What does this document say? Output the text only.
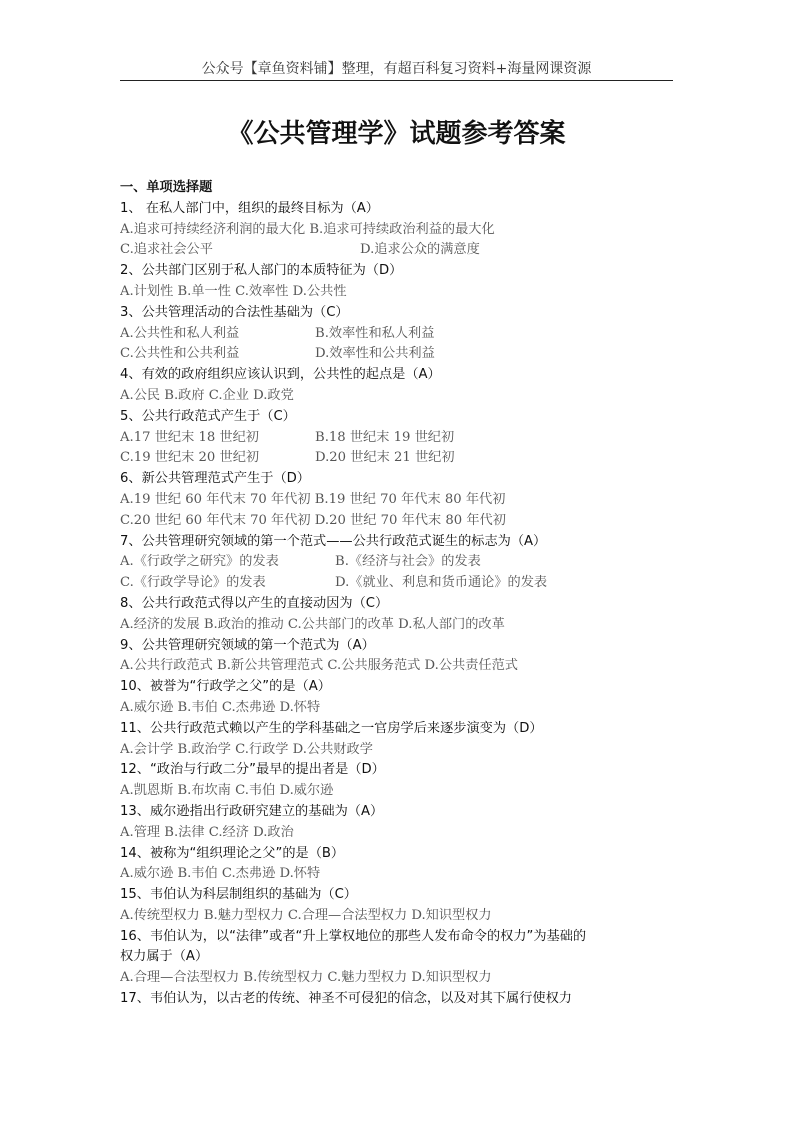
公众号【章鱼资料铺】整理，有超百科复习资料+海量网课资源
《公共管理学》试题参考答案
一、单项选择题
1、 在私人部门中，组织的最终目标为（A）
A.追求可持续经济利润的最大化 B.追求可持续政治利益的最大化
C.追求社会公平	D.追求公众的满意度
2、公共部门区别于私人部门的本质特征为（D）
A.计划性 B.单一性 C.效率性 D.公共性
3、公共管理活动的合法性基础为（C）
A.公共性和私人利益	B.效率性和私人利益
C.公共性和公共利益	D.效率性和公共利益
4、有效的政府组织应该认识到，公共性的起点是（A）
A.公民 B.政府 C.企业 D.政党
5、公共行政范式产生于（C）
A.17 世纪末 18 世纪初	B.18 世纪末 19 世纪初
C.19 世纪末 20 世纪初	D.20 世纪末 21 世纪初
6、新公共管理范式产生于（D）
A.19 世纪 60 年代末 70 年代初 B.19 世纪 70 年代末 80 年代初
C.20 世纪 60 年代末 70 年代初 D.20 世纪 70 年代末 80 年代初
7、公共管理研究领域的第一个范式——公共行政范式诞生的标志为（A）
A.《行政学之研究》的发表	B.《经济与社会》的发表
C.《行政学导论》的发表	D.《就业、利息和货币通论》的发表
8、公共行政范式得以产生的直接动因为（C）
A.经济的发展 B.政治的推动 C.公共部门的改革 D.私人部门的改革
9、公共管理研究领域的第一个范式为（A）
A.公共行政范式 B.新公共管理范式 C.公共服务范式 D.公共责任范式
10、被誉为“行政学之父”的是（A）
A.威尔逊 B.韦伯 C.杰弗逊 D.怀特
11、公共行政范式赖以产生的学科基础之一官房学后来逐步演变为（D）
A.会计学 B.政治学 C.行政学 D.公共财政学
12、“政治与行政二分”最早的提出者是（D）
A.凯恩斯 B.布坎南 C.韦伯 D.威尔逊
13、威尔逊指出行政研究建立的基础为（A）
A.管理 B.法律 C.经济 D.政治
14、被称为“组织理论之父”的是（B）
A.威尔逊 B.韦伯 C.杰弗逊 D.怀特
15、韦伯认为科层制组织的基础为（C）
A.传统型权力 B.魅力型权力 C.合理—合法型权力 D.知识型权力
16、韦伯认为，以“法律”或者“升上掌权地位的那些人发布命令的权力”为基础的
权力属于（A）
A.合理—合法型权力 B.传统型权力 C.魅力型权力 D.知识型权力
17、韦伯认为，以古老的传统、神圣不可侵犯的信念，以及对其下属行使权力
